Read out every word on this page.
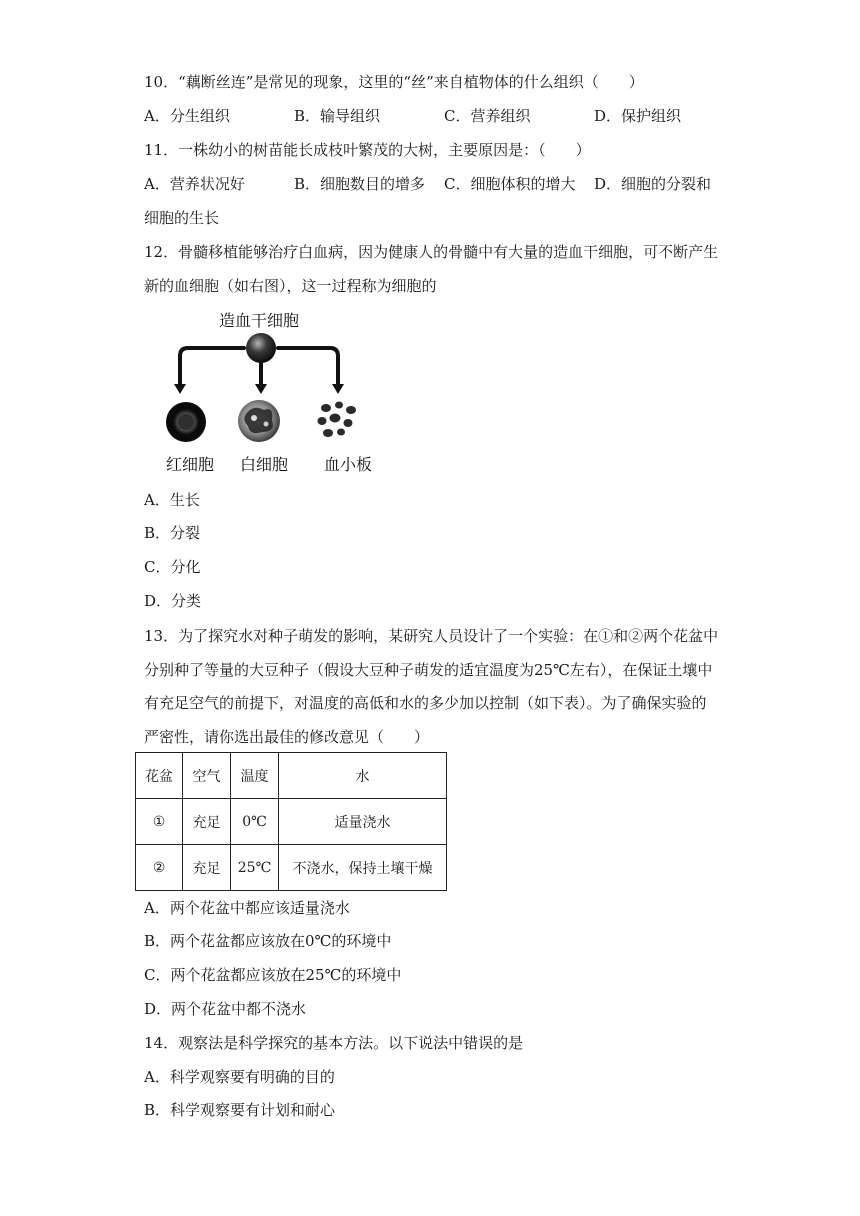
10．“藕断丝连”是常见的现象，这里的“丝”来自植物体的什么组织（　　）
A．分生组织	B．输导组织	C．营养组织	D．保护组织
11．一株幼小的树苗能长成枝叶繁茂的大树，主要原因是：（　　）
A．营养状况好	B．细胞数目的增多 C．细胞体积的增大 D．细胞的分裂和
细胞的生长
12．骨髓移植能够治疗白血病，因为健康人的骨髓中有大量的造血干细胞，可不断产生
新的血细胞（如右图），这一过程称为细胞的
造血干细胞
红细胞 白细胞 血小板
A．生长
B．分裂
C．分化
D．分类
13．为了探究水对种子萌发的影响，某研究人员设计了一个实验：在①和②两个花盆中
分别种了等量的大豆种子（假设大豆种子萌发的适宜温度为25℃左右），在保证土壤中
有充足空气的前提下，对温度的高低和水的多少加以控制（如下表）。为了确保实验的
严密性，请你选出最佳的修改意见（　　）
花盆	空气	温度	水
①	充足	0℃	适量浇水
②	充足	25℃	不浇水，保持土壤干燥
A．两个花盆中都应该适量浇水
B．两个花盆都应该放在0℃的环境中
C．两个花盆都应该放在25℃的环境中
D．两个花盆中都不浇水
14．观察法是科学探究的基本方法。以下说法中错误的是
A．科学观察要有明确的目的
B．科学观察要有计划和耐心
